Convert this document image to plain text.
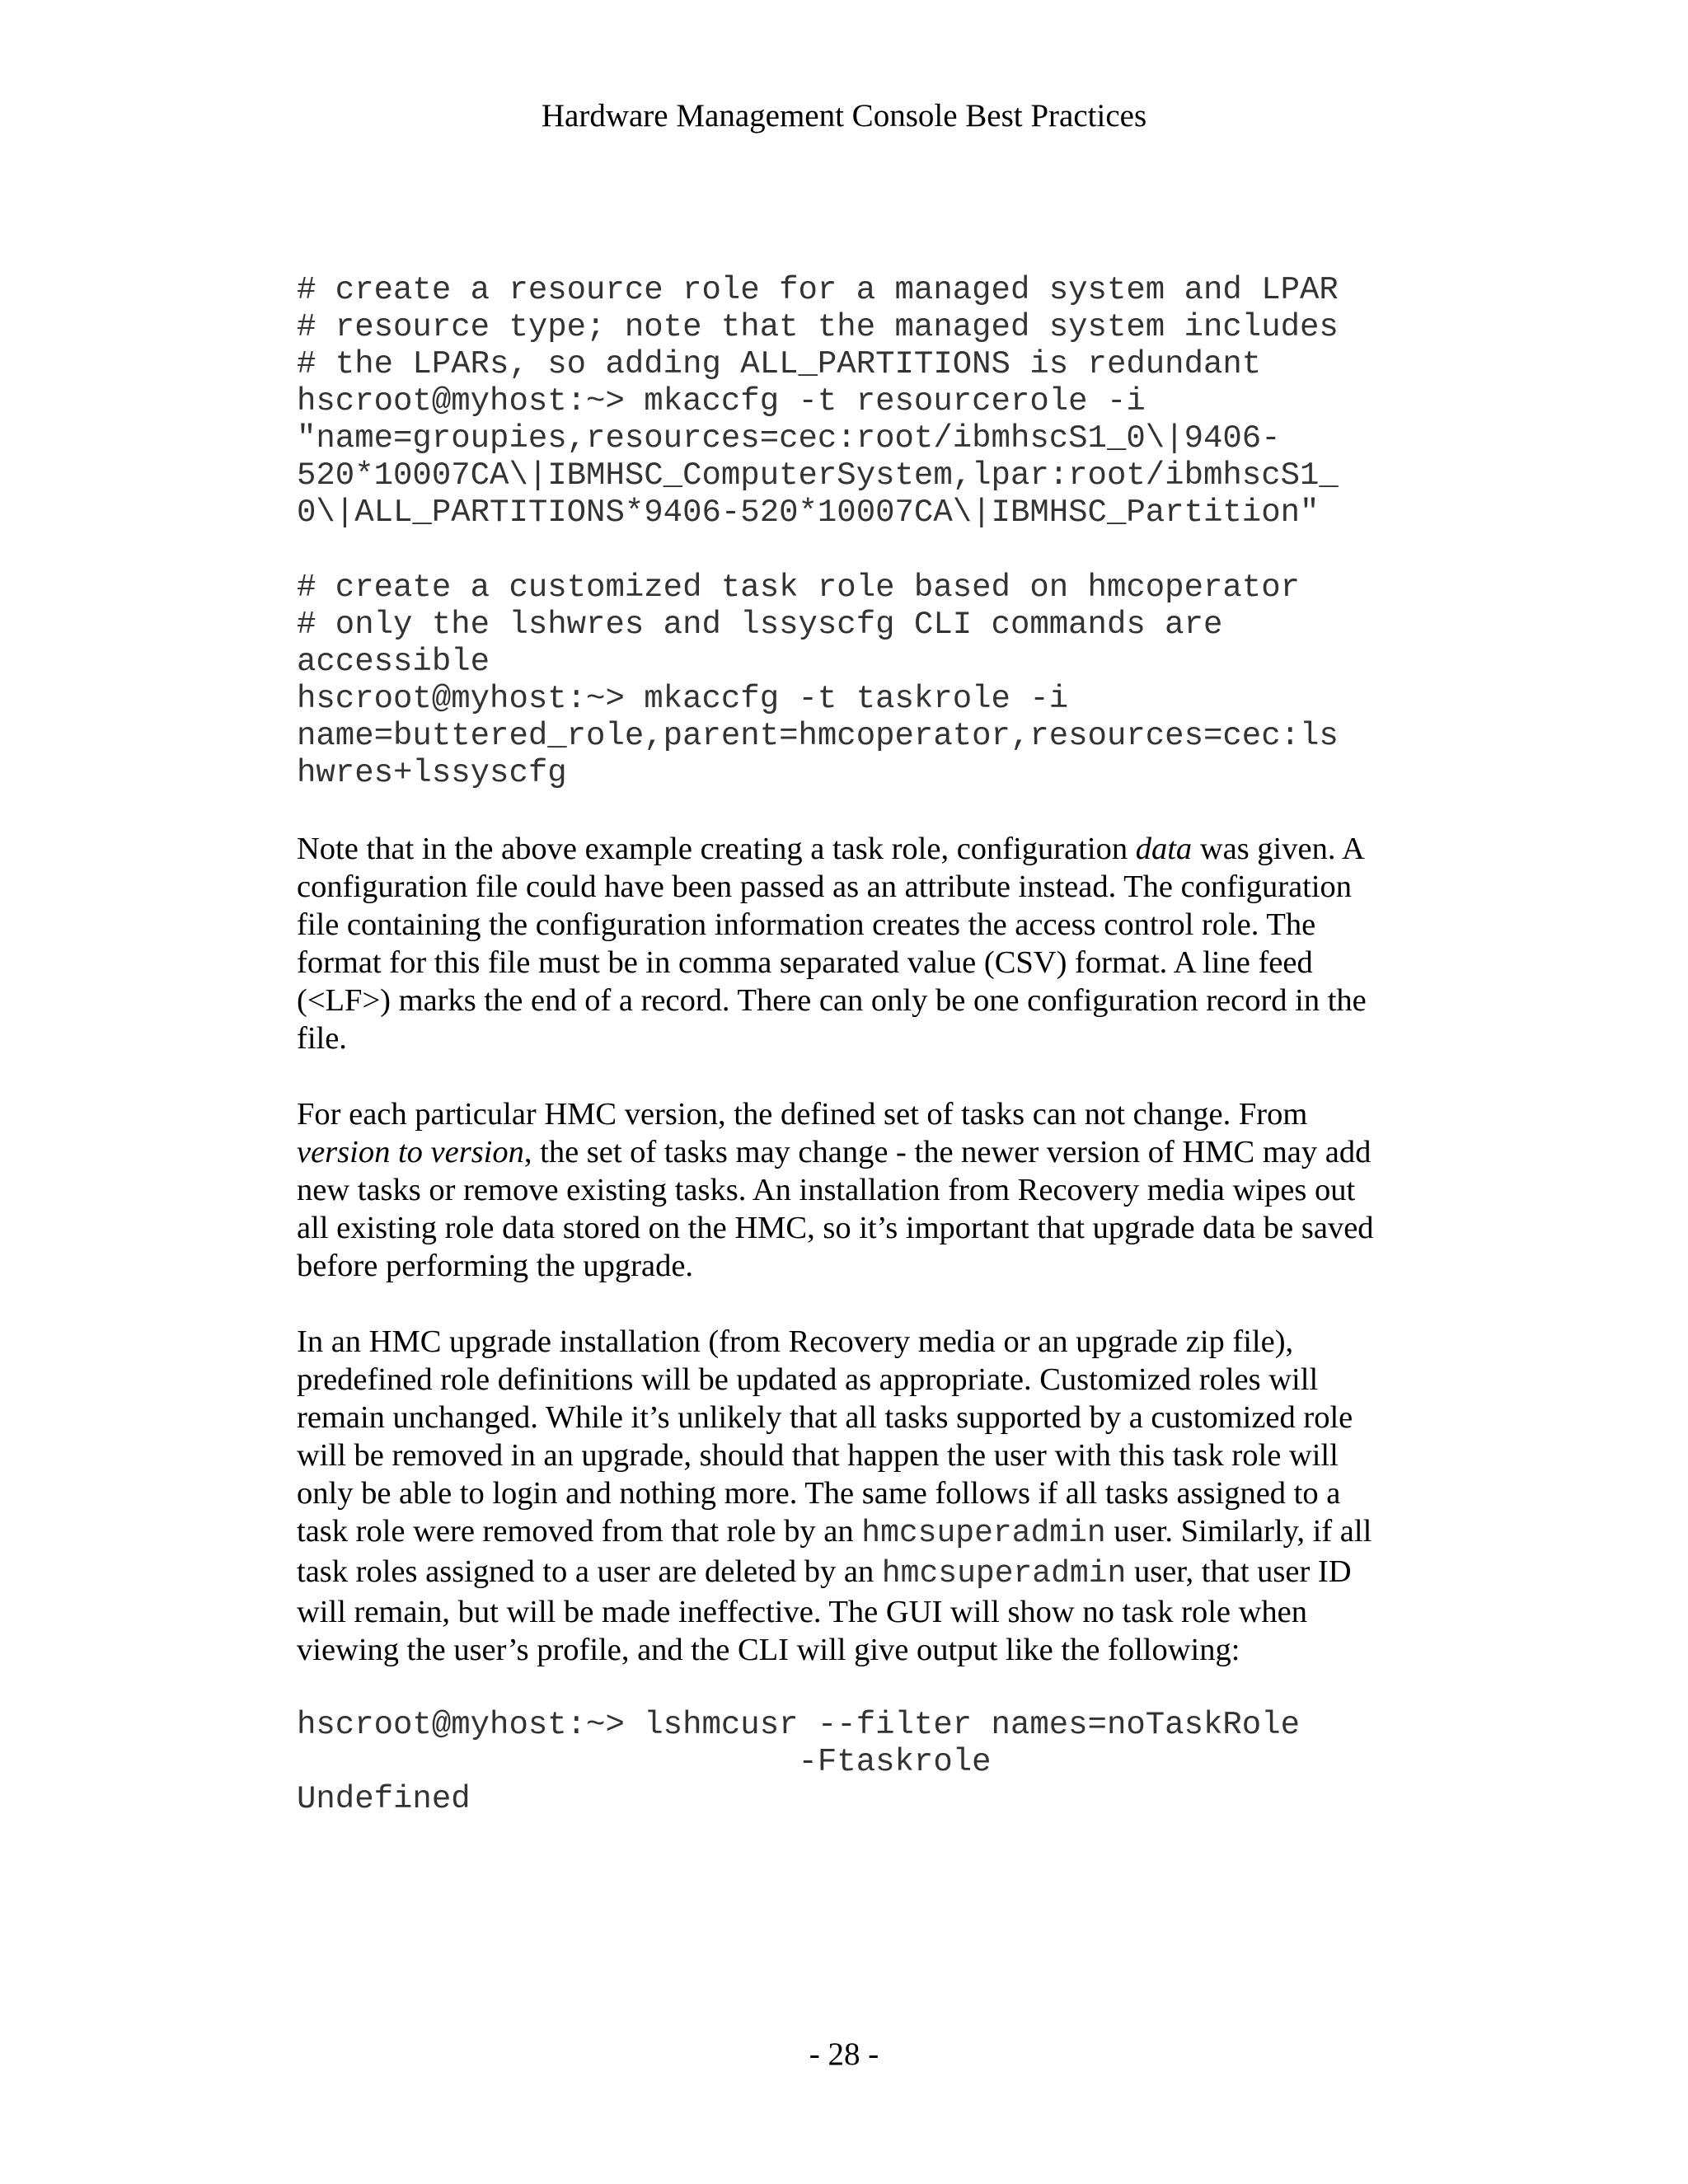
Hardware Management Console Best Practices
# create a resource role for a managed system and LPAR
# resource type; note that the managed system includes
# the LPARs, so adding ALL_PARTITIONS is redundant
hscroot@myhost:~> mkaccfg -t resourcerole -i
"name=groupies,resources=cec:root/ibmhscS1_0\|9406-
520*10007CA\|IBMHSC_ComputerSystem,lpar:root/ibmhscS1_
0\|ALL_PARTITIONS*9406-520*10007CA\|IBMHSC_Partition"
# create a customized task role based on hmcoperator
# only the lshwres and lssyscfg CLI commands are
accessible
hscroot@myhost:~> mkaccfg -t taskrole -i
name=buttered_role,parent=hmcoperator,resources=cec:ls
hwres+lssyscfg

Note that in the above example creating a task role, configuration data was given. A configuration file could have been passed as an attribute instead. The configuration file containing the configuration information creates the access control role. The format for this file must be in comma separated value (CSV) format. A line feed (<LF>) marks the end of a record. There can only be one configuration record in the file.

For each particular HMC version, the defined set of tasks can not change. From version to version, the set of tasks may change - the newer version of HMC may add new tasks or remove existing tasks. An installation from Recovery media wipes out all existing role data stored on the HMC, so it’s important that upgrade data be saved before performing the upgrade.

In an HMC upgrade installation (from Recovery media or an upgrade zip file), predefined role definitions will be updated as appropriate. Customized roles will remain unchanged. While it’s unlikely that all tasks supported by a customized role will be removed in an upgrade, should that happen the user with this task role will only be able to login and nothing more. The same follows if all tasks assigned to a task role were removed from that role by an hmcsuperadmin user. Similarly, if all task roles assigned to a user are deleted by an hmcsuperadmin user, that user ID will remain, but will be made ineffective. The GUI will show no task role when viewing the user’s profile, and the CLI will give output like the following:

hscroot@myhost:~> lshmcusr --filter names=noTaskRole
-Ftaskrole
Undefined
- 28 -
